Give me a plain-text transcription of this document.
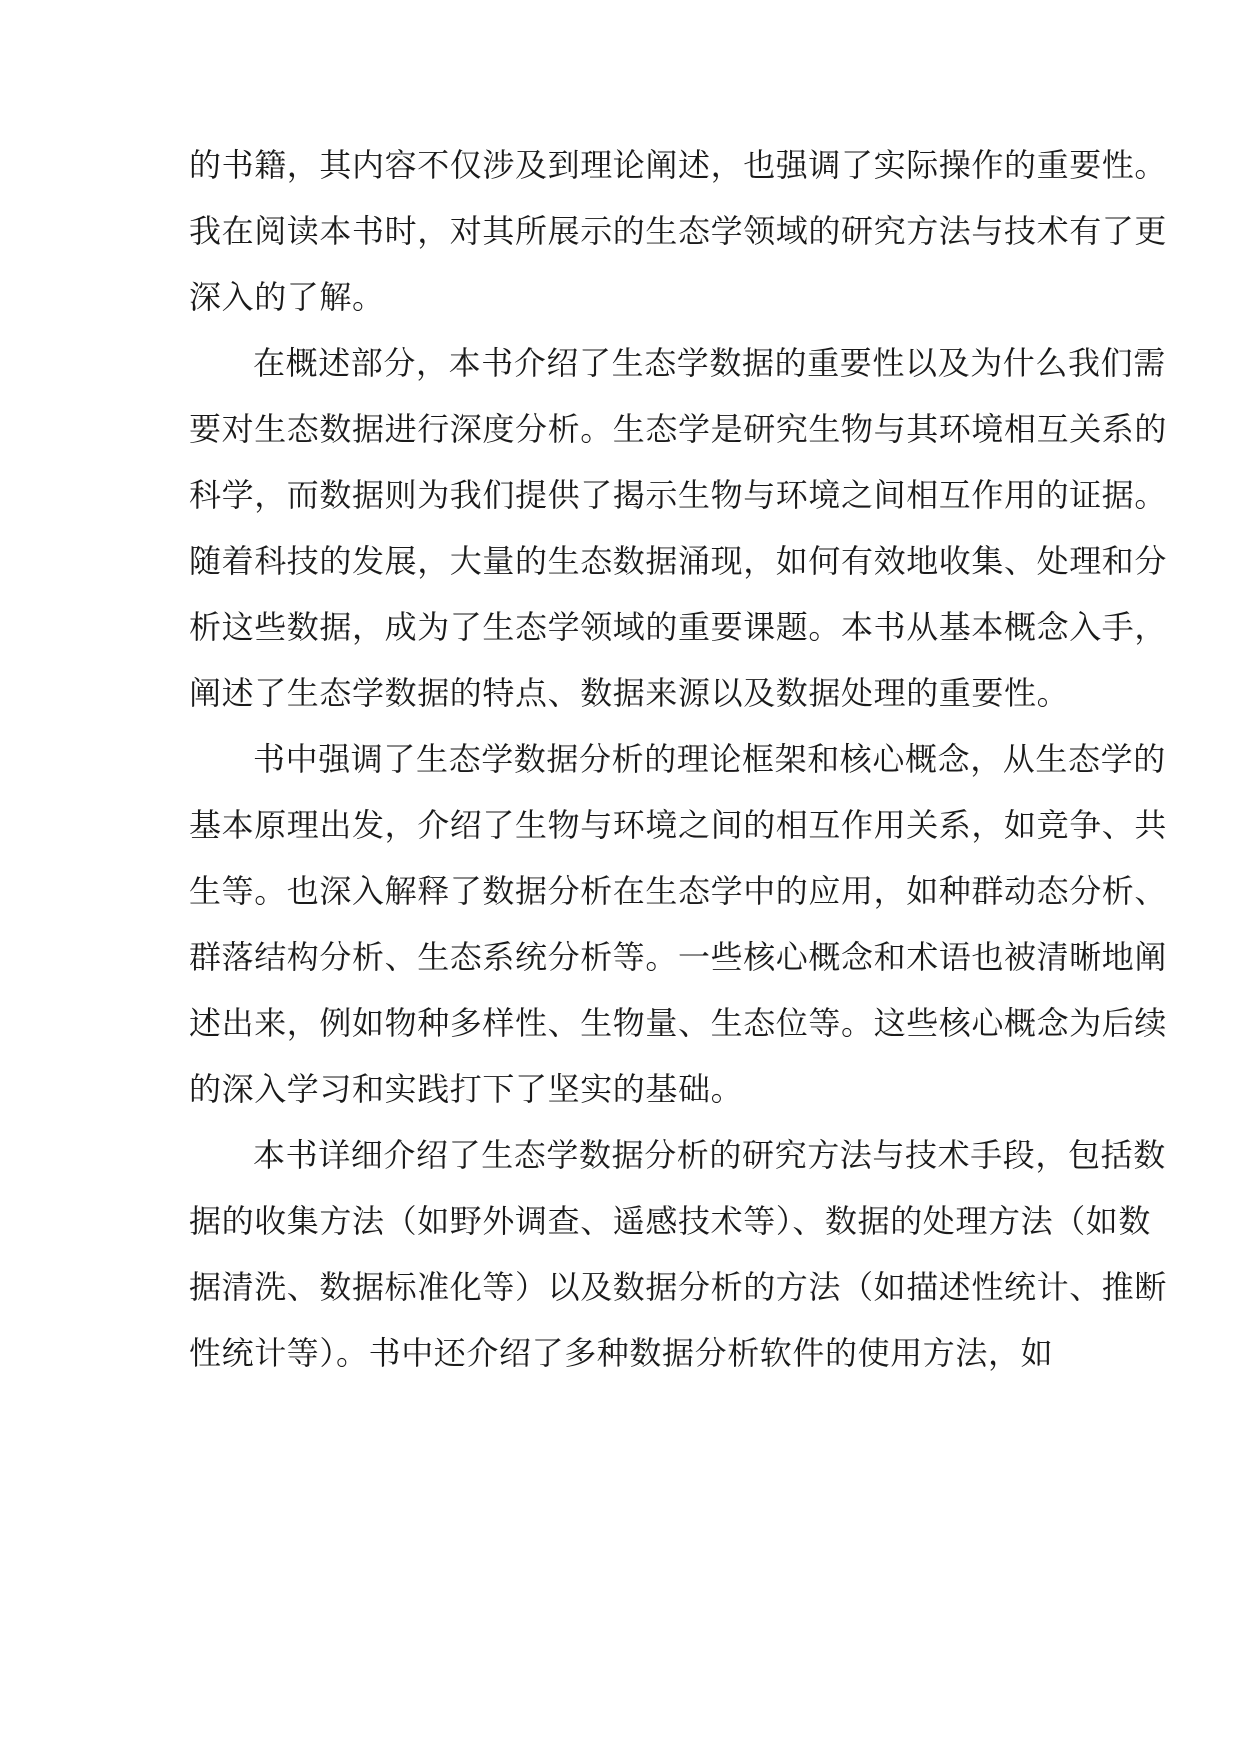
的书籍，其内容不仅涉及到理论阐述，也强调了实际操作的重要性。
我在阅读本书时，对其所展示的生态学领域的研究方法与技术有了更
深入的了解。
在概述部分，本书介绍了生态学数据的重要性以及为什么我们需
要对生态数据进行深度分析。生态学是研究生物与其环境相互关系的
科学，而数据则为我们提供了揭示生物与环境之间相互作用的证据。
随着科技的发展，大量的生态数据涌现，如何有效地收集、处理和分
析这些数据，成为了生态学领域的重要课题。本书从基本概念入手，
阐述了生态学数据的特点、数据来源以及数据处理的重要性。
书中强调了生态学数据分析的理论框架和核心概念，从生态学的
基本原理出发，介绍了生物与环境之间的相互作用关系，如竞争、共
生等。也深入解释了数据分析在生态学中的应用，如种群动态分析、
群落结构分析、生态系统分析等。一些核心概念和术语也被清晰地阐
述出来，例如物种多样性、生物量、生态位等。这些核心概念为后续
的深入学习和实践打下了坚实的基础。
本书详细介绍了生态学数据分析的研究方法与技术手段，包括数
据的收集方法（如野外调查、遥感技术等）、数据的处理方法（如数
据清洗、数据标准化等）以及数据分析的方法（如描述性统计、推断
性统计等）。书中还介绍了多种数据分析软件的使用方法，如
